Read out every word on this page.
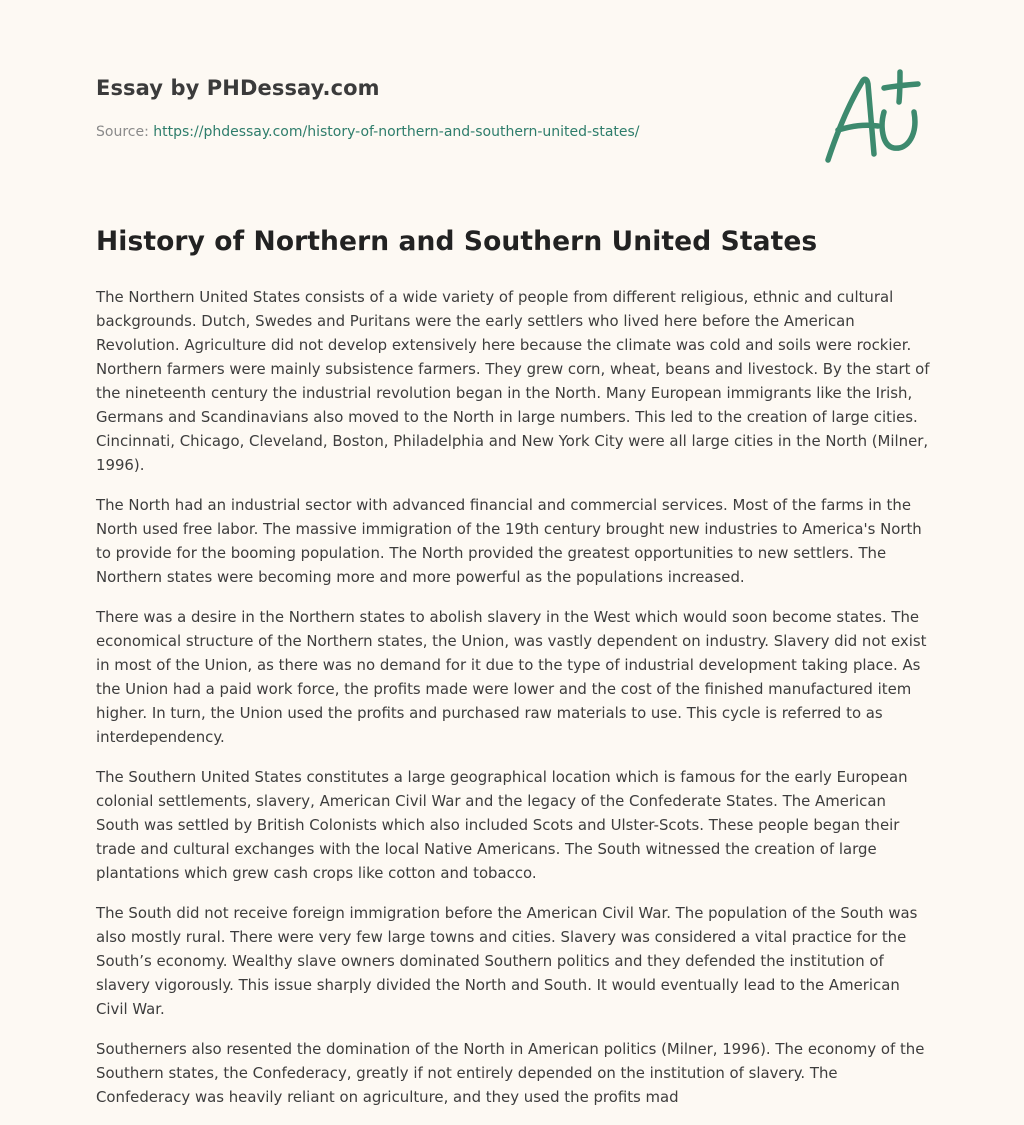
Essay by PHDessay.com
Source: https://phdessay.com/history-of-northern-and-southern-united-states/
History of Northern and Southern United States

The Northern United States consists of a wide variety of people from different religious, ethnic and cultural backgrounds. Dutch, Swedes and Puritans were the early settlers who lived here before the American Revolution. Agriculture did not develop extensively here because the climate was cold and soils were rockier. Northern farmers were mainly subsistence farmers. They grew corn, wheat, beans and livestock. By the start of the nineteenth century the industrial revolution began in the North. Many European immigrants like the Irish, Germans and Scandinavians also moved to the North in large numbers. This led to the creation of large cities. Cincinnati, Chicago, Cleveland, Boston, Philadelphia and New York City were all large cities in the North (Milner, 1996).

The North had an industrial sector with advanced financial and commercial services. Most of the farms in the North used free labor. The massive immigration of the 19th century brought new industries to America's North to provide for the booming population. The North provided the greatest opportunities to new settlers. The Northern states were becoming more and more powerful as the populations increased.

There was a desire in the Northern states to abolish slavery in the West which would soon become states. The economical structure of the Northern states, the Union, was vastly dependent on industry. Slavery did not exist in most of the Union, as there was no demand for it due to the type of industrial development taking place. As the Union had a paid work force, the profits made were lower and the cost of the finished manufactured item higher. In turn, the Union used the profits and purchased raw materials to use. This cycle is referred to as interdependency.

The Southern United States constitutes a large geographical location which is famous for the early European colonial settlements, slavery, American Civil War and the legacy of the Confederate States. The American South was settled by British Colonists which also included Scots and Ulster-Scots. These people began their trade and cultural exchanges with the local Native Americans. The South witnessed the creation of large plantations which grew cash crops like cotton and tobacco.

The South did not receive foreign immigration before the American Civil War. The population of the South was also mostly rural. There were very few large towns and cities. Slavery was considered a vital practice for the South’s economy. Wealthy slave owners dominated Southern politics and they defended the institution of slavery vigorously. This issue sharply divided the North and South. It would eventually lead to the American Civil War.

Southerners also resented the domination of the North in American politics (Milner, 1996). The economy of the Southern states, the Confederacy, greatly if not entirely depended on the institution of slavery. The Confederacy was heavily reliant on agriculture, and they used the profits mad
